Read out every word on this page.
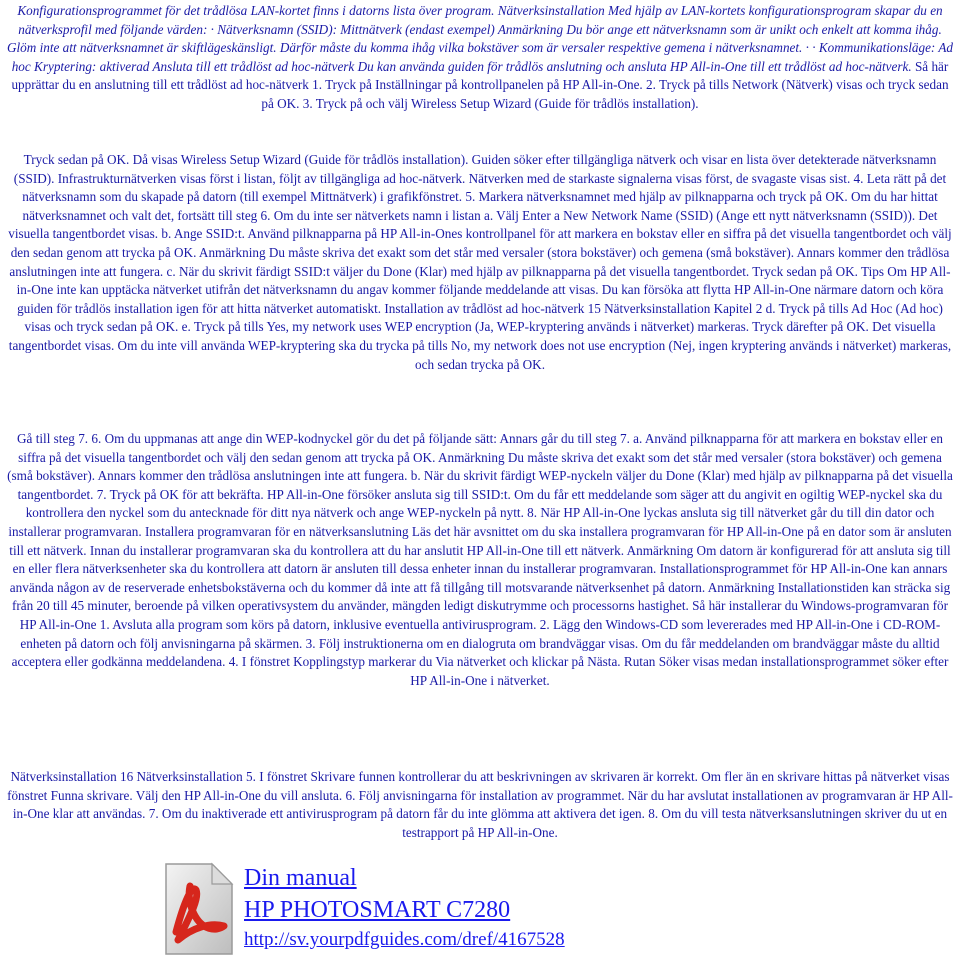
Konfigurationsprogrammet för det trådlösa LAN-kortet finns i datorns lista över program. Nätverksinstallation Med hjälp av LAN-kortets konfigurationsprogram skapar du en nätverksprofil med följande värden: · Nätverksnamn (SSID): Mittnätverk (endast exempel) Anmärkning Du bör ange ett nätverksnamn som är unikt och enkelt att komma ihåg. Glöm inte att nätverksnamnet är skiftlägeskänsligt. Därför måste du komma ihåg vilka bokstäver som är versaler respektive gemena i nätverksnamnet. · · Kommunikationsläge: Ad hoc Kryptering: aktiverad Ansluta till ett trådlöst ad hoc-nätverk Du kan använda guiden för trådlös anslutning och ansluta HP All-in-One till ett trådlöst ad hoc-nätverk. Så här upprättar du en anslutning till ett trådlöst ad hoc-nätverk 1. Tryck på Inställningar på kontrollpanelen på HP All-in-One. 2. Tryck på tills Network (Nätverk) visas och tryck sedan på OK. 3. Tryck på och välj Wireless Setup Wizard (Guide för trådlös installation).

Tryck sedan på OK. Då visas Wireless Setup Wizard (Guide för trådlös installation). Guiden söker efter tillgängliga nätverk och visar en lista över detekterade nätverksnamn (SSID). Infrastrukturnätverken visas först i listan, följt av tillgängliga ad hoc-nätverk. Nätverken med de starkaste signalerna visas först, de svagaste visas sist. 4. Leta rätt på det nätverksnamn som du skapade på datorn (till exempel Mittnätverk) i grafikfönstret. 5. Markera nätverksnamnet med hjälp av pilknapparna och tryck på OK. Om du har hittat nätverksnamnet och valt det, fortsätt till steg 6. Om du inte ser nätverkets namn i listan a. Välj Enter a New Network Name (SSID) (Ange ett nytt nätverksnamn (SSID)). Det visuella tangentbordet visas. b. Ange SSID:t. Använd pilknapparna på HP All-in-Ones kontrollpanel för att markera en bokstav eller en siffra på det visuella tangentbordet och välj den sedan genom att trycka på OK. Anmärkning Du måste skriva det exakt som det står med versaler (stora bokstäver) och gemena (små bokstäver). Annars kommer den trådlösa anslutningen inte att fungera. c. När du skrivit färdigt SSID:t väljer du Done (Klar) med hjälp av pilknapparna på det visuella tangentbordet. Tryck sedan på OK. Tips Om HP All-in-One inte kan upptäcka nätverket utifrån det nätverksnamn du angav kommer följande meddelande att visas. Du kan försöka att flytta HP All-in-One närmare datorn och köra guiden för trådlös installation igen för att hitta nätverket automatiskt. Installation av trådlöst ad hoc-nätverk 15 Nätverksinstallation Kapitel 2 d. Tryck på tills Ad Hoc (Ad hoc) visas och tryck sedan på OK. e. Tryck på tills Yes, my network uses WEP encryption (Ja, WEP-kryptering används i nätverket) markeras. Tryck därefter på OK. Det visuella tangentbordet visas. Om du inte vill använda WEP-kryptering ska du trycka på tills No, my network does not use encryption (Nej, ingen kryptering används i nätverket) markeras, och sedan trycka på OK.

Gå till steg 7. 6. Om du uppmanas att ange din WEP-kodnyckel gör du det på följande sätt: Annars går du till steg 7. a. Använd pilknapparna för att markera en bokstav eller en siffra på det visuella tangentbordet och välj den sedan genom att trycka på OK. Anmärkning Du måste skriva det exakt som det står med versaler (stora bokstäver) och gemena (små bokstäver). Annars kommer den trådlösa anslutningen inte att fungera. b. När du skrivit färdigt WEP-nyckeln väljer du Done (Klar) med hjälp av pilknapparna på det visuella tangentbordet. 7. Tryck på OK för att bekräfta. HP All-in-One försöker ansluta sig till SSID:t. Om du får ett meddelande som säger att du angivit en ogiltig WEP-nyckel ska du kontrollera den nyckel som du antecknade för ditt nya nätverk och ange WEP-nyckeln på nytt. 8. När HP All-in-One lyckas ansluta sig till nätverket går du till din dator och installerar programvaran. Installera programvaran för en nätverksanslutning Läs det här avsnittet om du ska installera programvaran för HP All-in-One på en dator som är ansluten till ett nätverk. Innan du installerar programvaran ska du kontrollera att du har anslutit HP All-in-One till ett nätverk. Anmärkning Om datorn är konfigurerad för att ansluta sig till en eller flera nätverksenheter ska du kontrollera att datorn är ansluten till dessa enheter innan du installerar programvaran. Installationsprogrammet för HP All-in-One kan annars använda någon av de reserverade enhetsbokstäverna och du kommer då inte att få tillgång till motsvarande nätverksenhet på datorn. Anmärkning Installationstiden kan sträcka sig från 20 till 45 minuter, beroende på vilken operativsystem du använder, mängden ledigt diskutrymme och processorns hastighet. Så här installerar du Windows-programvaran för HP All-in-One 1. Avsluta alla program som körs på datorn, inklusive eventuella antivirusprogram. 2. Lägg den Windows-CD som levererades med HP All-in-One i CD-ROM-enheten på datorn och följ anvisningarna på skärmen. 3. Följ instruktionerna om en dialogruta om brandväggar visas. Om du får meddelanden om brandväggar måste du alltid acceptera eller godkänna meddelandena. 4. I fönstret Kopplingstyp markerar du Via nätverket och klickar på Nästa. Rutan Söker visas medan installationsprogrammet söker efter HP All-in-One i nätverket.

Nätverksinstallation 16 Nätverksinstallation 5. I fönstret Skrivare funnen kontrollerar du att beskrivningen av skrivaren är korrekt. Om fler än en skrivare hittas på nätverket visas fönstret Funna skrivare. Välj den HP All-in-One du vill ansluta. 6. Följ anvisningarna för installation av programmet. När du har avslutat installationen av programvaran är HP All-in-One klar att användas. 7. Om du inaktiverade ett antivirusprogram på datorn får du inte glömma att aktivera det igen. 8. Om du vill testa nätverksanslutningen skriver du ut en testrapport på HP All-in-One.

Din manual
HP PHOTOSMART C7280
http://sv.yourpdfguides.com/dref/4167528
